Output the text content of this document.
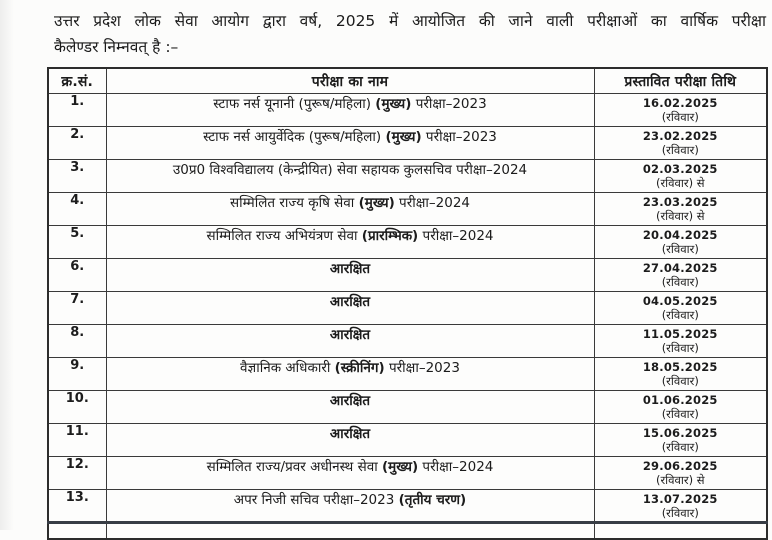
उत्तर प्रदेश लोक सेवा आयोग द्वारा वर्ष, 2025 में आयोजित की जाने वाली परीक्षाओं का वार्षिक परीक्षा
कैलेण्डर निम्नवत् है :–
क्र.सं.	परीक्षा का नाम	प्रस्तावित परीक्षा तिथि
1.	स्टाफ नर्स यूनानी (पुरूष/महिला) (मुख्य) परीक्षा–2023	16.02.2025
(रविवार)

2.	स्टाफ नर्स आयुर्वेदिक (पुरूष/महिला) (मुख्य) परीक्षा–2023	23.02.2025
(रविवार)

3.	उ0प्र0 विश्वविद्यालय (केन्द्रीयित) सेवा सहायक कुलसचिव परीक्षा–2024	02.03.2025
(रविवार) से

4.	सम्मिलित राज्य कृषि सेवा (मुख्य) परीक्षा–2024	23.03.2025
(रविवार) से

5.	सम्मिलित राज्य अभियंत्रण सेवा (प्रारम्भिक) परीक्षा–2024	20.04.2025
(रविवार)

6.	आरक्षित	27.04.2025
(रविवार)

7.	आरक्षित	04.05.2025
(रविवार)

8.	आरक्षित	11.05.2025
(रविवार)

9.	वैज्ञानिक अधिकारी (स्क्रीनिंग) परीक्षा–2023	18.05.2025
(रविवार)

10.	आरक्षित	01.06.2025
(रविवार)

11.	आरक्षित	15.06.2025
(रविवार)

12.	सम्मिलित राज्य/प्रवर अधीनस्थ सेवा (मुख्य) परीक्षा–2024	29.06.2025
(रविवार) से

13.	अपर निजी सचिव परीक्षा–2023 (तृतीय चरण)	13.07.2025
(रविवार)
